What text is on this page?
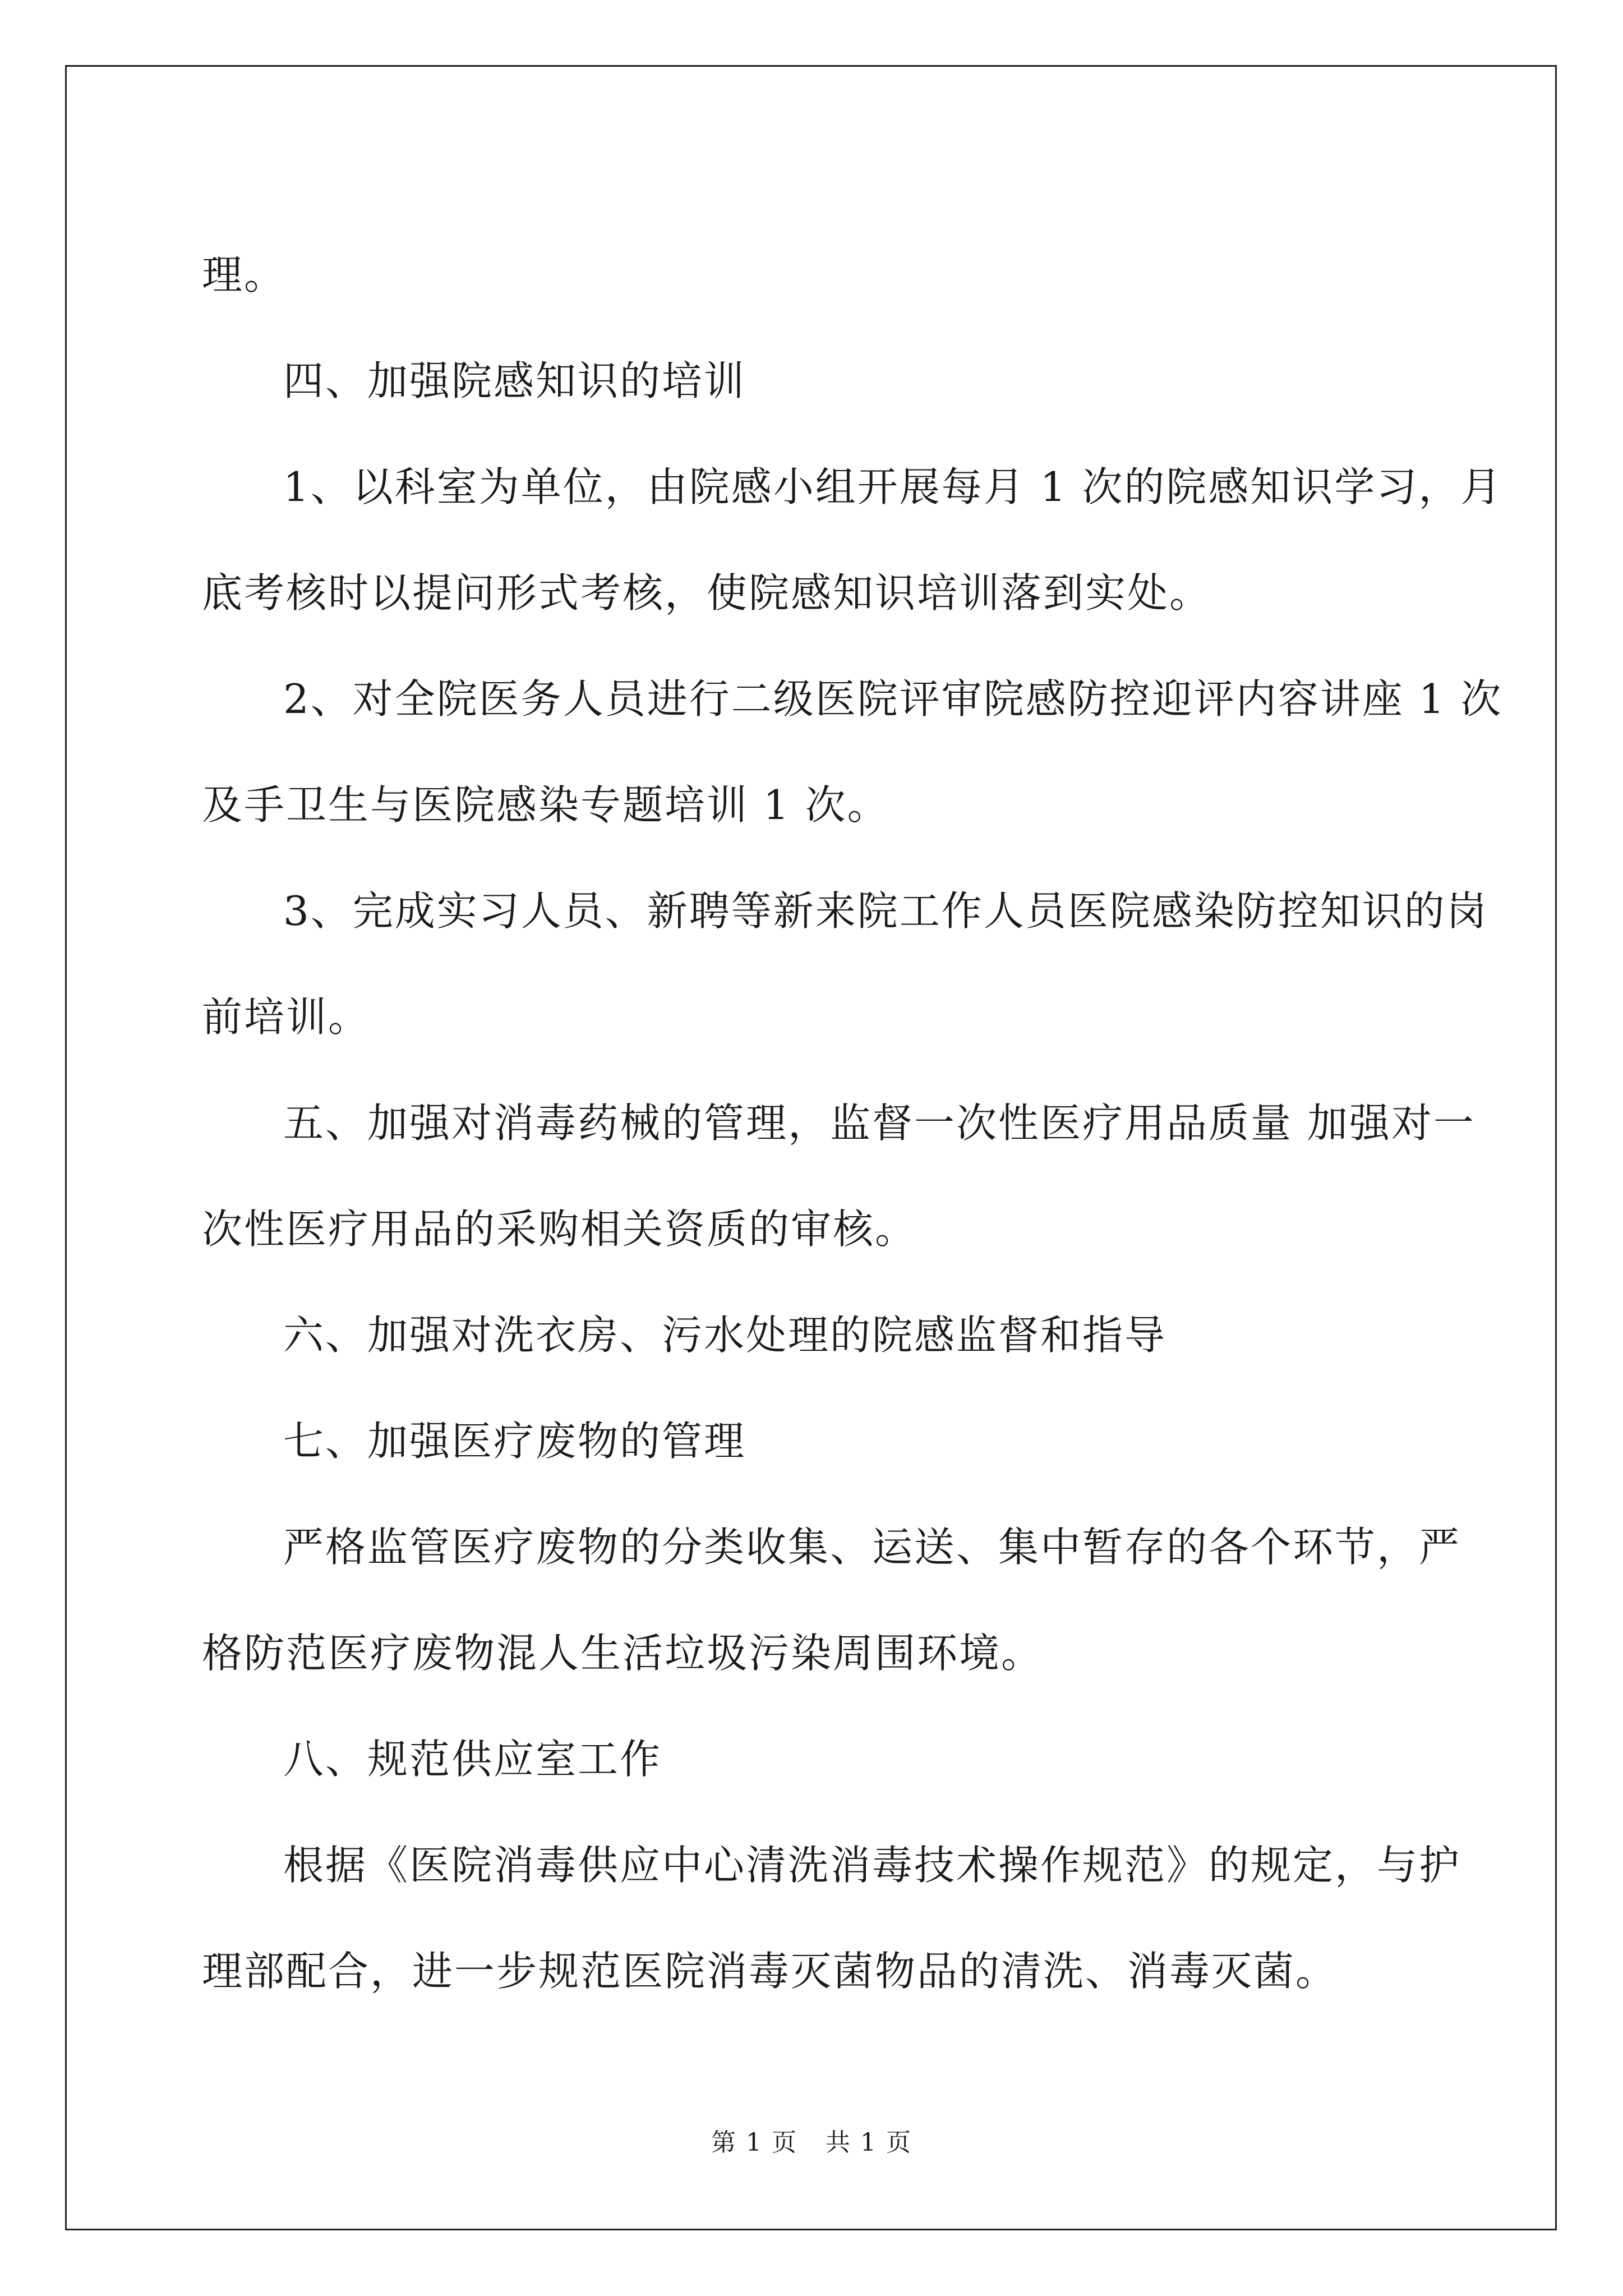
理。

四、加强院感知识的培训

1、以科室为单位，由院感小组开展每月 1 次的院感知识学习，月

底考核时以提问形式考核，使院感知识培训落到实处。

2、对全院医务人员进行二级医院评审院感防控迎评内容讲座 1 次

及手卫生与医院感染专题培训 1 次。

3、完成实习人员、新聘等新来院工作人员医院感染防控知识的岗

前培训。

五、加强对消毒药械的管理，监督一次性医疗用品质量 加强对一

次性医疗用品的采购相关资质的审核。

六、加强对洗衣房、污水处理的院感监督和指导

七、加强医疗废物的管理

严格监管医疗废物的分类收集、运送、集中暂存的各个环节，严

格防范医疗废物混人生活垃圾污染周围环境。

八、规范供应室工作

根据《医院消毒供应中心清洗消毒技术操作规范》的规定，与护

理部配合，进一步规范医院消毒灭菌物品的清洗、消毒灭菌。

第 1 页 共 1 页
